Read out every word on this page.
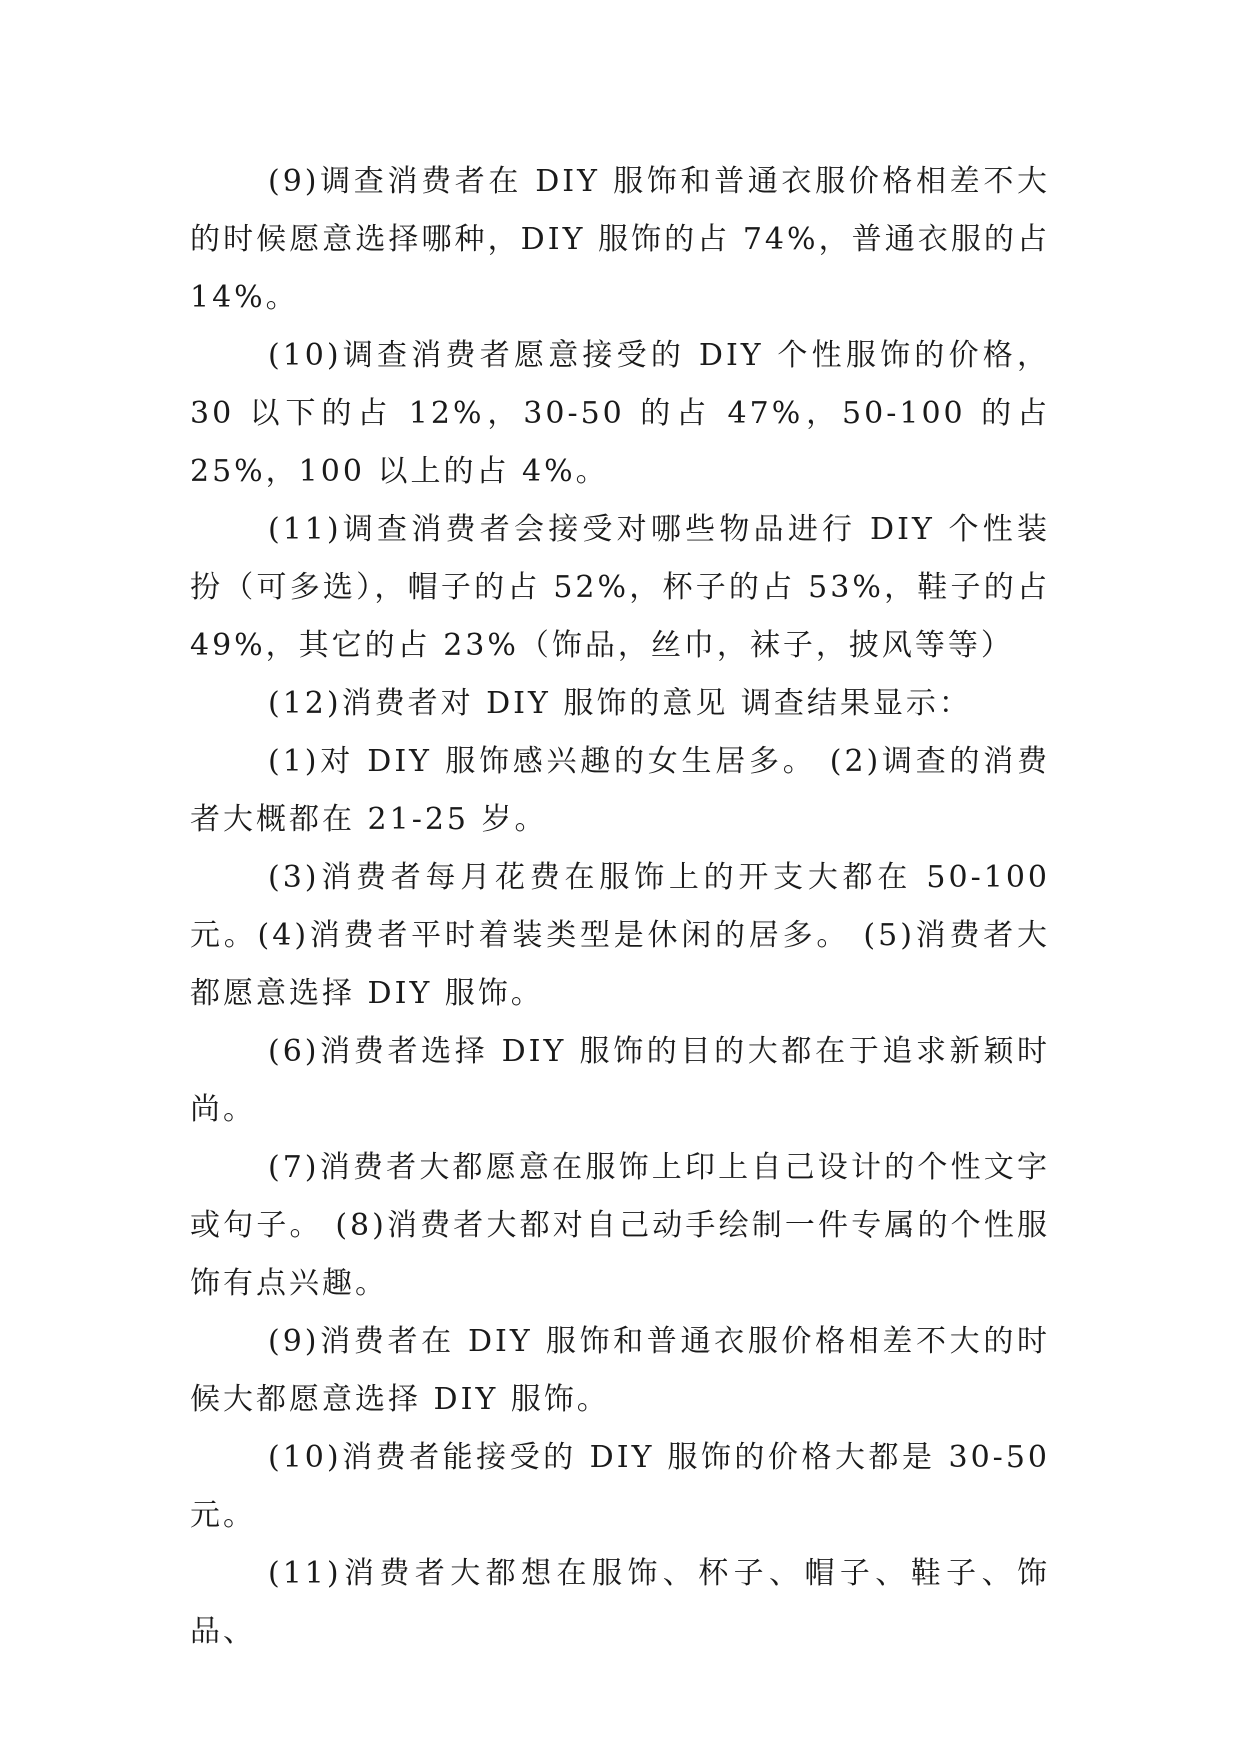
(9)调查消费者在 DIY 服饰和普通衣服价格相差不大的时候愿意选择哪种，DIY 服饰的占 74%，普通衣服的占 14%。

(10)调查消费者愿意接受的 DIY 个性服饰的价格，30 以下的占 12%，30-50 的占 47%，50-100 的占 25%，100 以上的占 4%。

(11)调查消费者会接受对哪些物品进行 DIY 个性装扮（可多选），帽子的占 52%，杯子的占 53%，鞋子的占 49%，其它的占 23%（饰品，丝巾，袜子，披风等等）

(12)消费者对 DIY 服饰的意见 调查结果显示：

(1)对 DIY 服饰感兴趣的女生居多。 (2)调查的消费者大概都在 21-25 岁。

(3)消费者每月花费在服饰上的开支大都在 50-100 元。(4)消费者平时着装类型是休闲的居多。 (5)消费者大都愿意选择 DIY 服饰。

(6)消费者选择 DIY 服饰的目的大都在于追求新颖时尚。

(7)消费者大都愿意在服饰上印上自己设计的个性文字或句子。 (8)消费者大都对自己动手绘制一件专属的个性服饰有点兴趣。

(9)消费者在 DIY 服饰和普通衣服价格相差不大的时候大都愿意选择 DIY 服饰。

(10)消费者能接受的 DIY 服饰的价格大都是 30-50 元。

(11)消费者大都想在服饰、杯子、帽子、鞋子、饰品、
